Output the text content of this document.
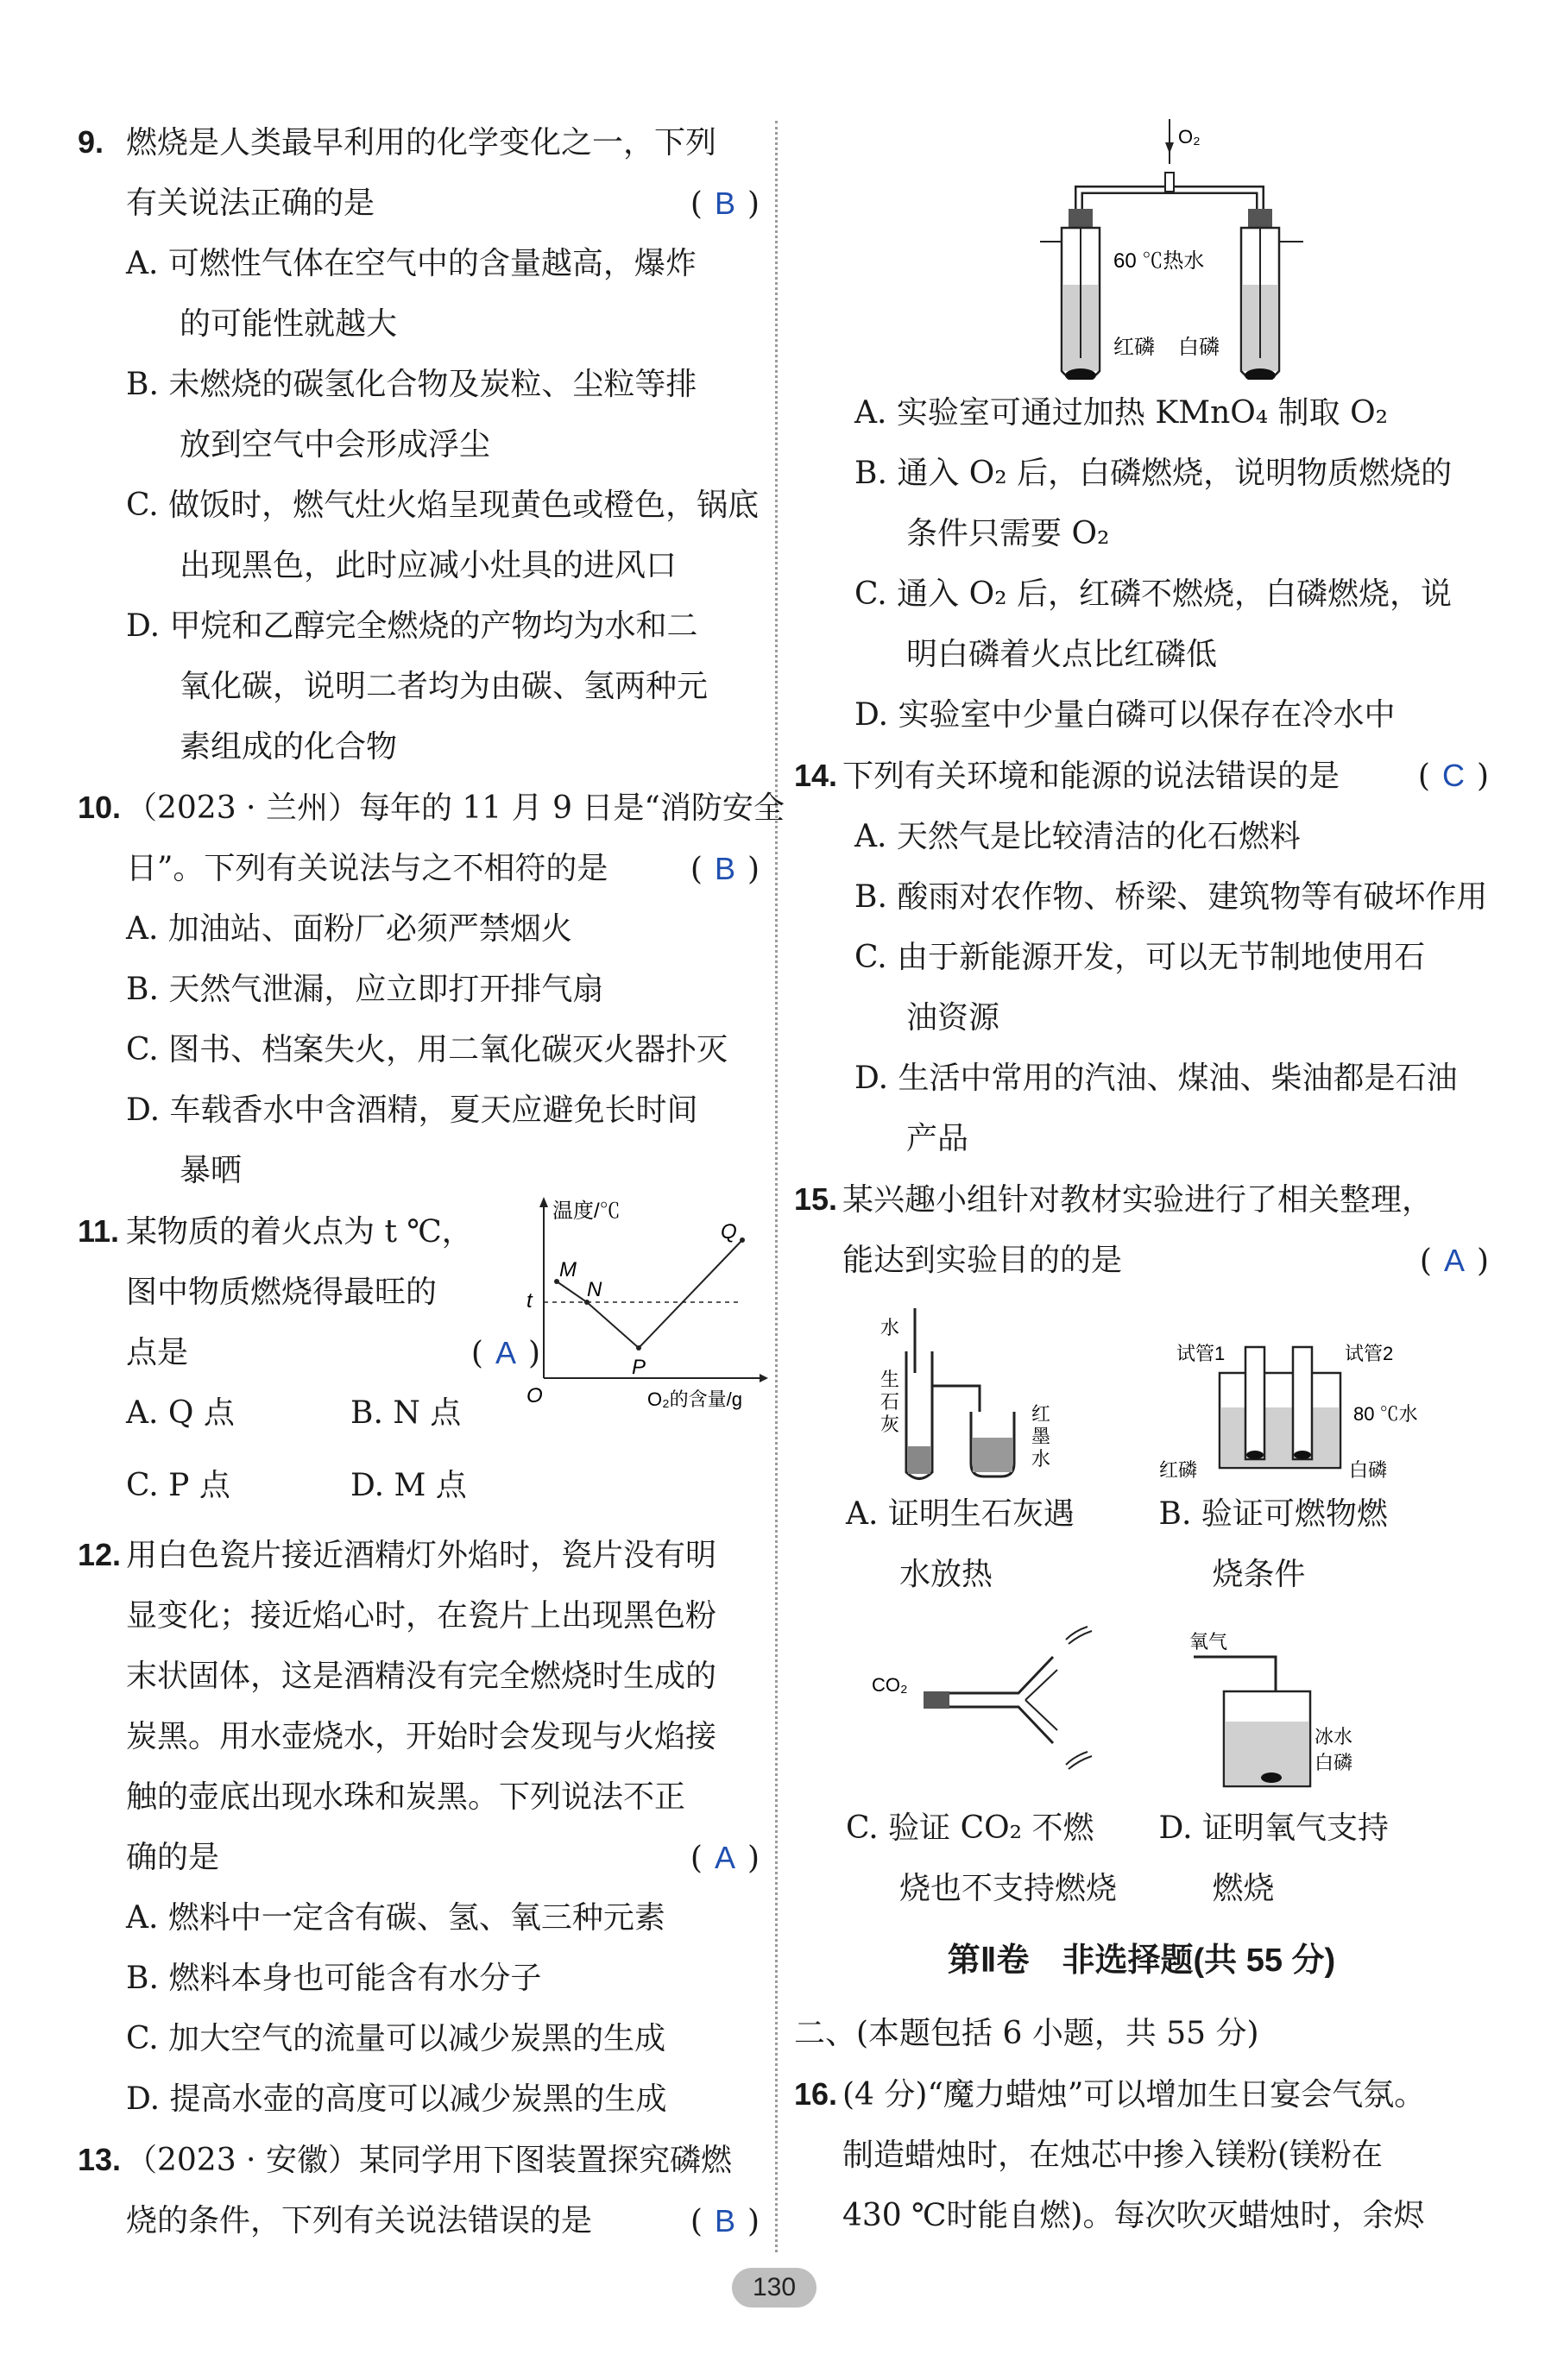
9. 燃烧是人类最早利用的化学变化之一，下列
有关说法正确的是	( B )
A. 可燃性气体在空气中的含量越高，爆炸
的可能性就越大
B. 未燃烧的碳氢化合物及炭粒、尘粒等排
放到空气中会形成浮尘
C. 做饭时，燃气灶火焰呈现黄色或橙色，锅底
出现黑色，此时应减小灶具的进风口
D. 甲烷和乙醇完全燃烧的产物均为水和二
氧化碳，说明二者均为由碳、氢两种元
素组成的化合物
10. （2023 · 兰州）每年的 11 月 9 日是“消防安全
日”。下列有关说法与之不相符的是	( B )
A. 加油站、面粉厂必须严禁烟火
B. 天然气泄漏，应立即打开排气扇
C. 图书、档案失火，用二氧化碳灭火器扑灭
D. 车载香水中含酒精，夏天应避免长时间
暴晒
11. 某物质的着火点为 t ℃，
图中物质燃烧得最旺的
点是	( A )
A. Q 点	B. N 点
C. P 点	D. M 点
温度/℃
O₂的含量/g
O
t
M
N
P
Q
12. 用白色瓷片接近酒精灯外焰时，瓷片没有明
显变化；接近焰心时，在瓷片上出现黑色粉
末状固体，这是酒精没有完全燃烧时生成的
炭黑。用水壶烧水，开始时会发现与火焰接
触的壶底出现水珠和炭黑。下列说法不正
确的是	( A )
A. 燃料中一定含有碳、氢、氧三种元素
B. 燃料本身也可能含有水分子
C. 加大空气的流量可以减少炭黑的生成
D. 提高水壶的高度可以减少炭黑的生成
13. （2023 · 安徽）某同学用下图装置探究磷燃
烧的条件，下列有关说法错误的是	( B )
O₂
60 ℃热水
红磷 白磷
A. 实验室可通过加热 KMnO₄ 制取 O₂
B. 通入 O₂ 后，白磷燃烧，说明物质燃烧的
条件只需要 O₂
C. 通入 O₂ 后，红磷不燃烧，白磷燃烧，说
明白磷着火点比红磷低
D. 实验室中少量白磷可以保存在冷水中
14. 下列有关环境和能源的说法错误的是	( C )
A. 天然气是比较清洁的化石燃料
B. 酸雨对农作物、桥梁、建筑物等有破坏作用
C. 由于新能源开发，可以无节制地使用石
油资源
D. 生活中常用的汽油、煤油、柴油都是石油
产品
15. 某兴趣小组针对教材实验进行了相关整理，
能达到实验目的的是	( A )
水
生
石
灰	红
墨
水
A. 证明生石灰遇
水放热
试管1	试管2
80 ℃水
红磷	白磷
B. 验证可燃物燃
烧条件
CO₂
C. 验证 CO₂ 不燃
烧也不支持燃烧
氧气
冰水
白磷
D. 证明氧气支持
燃烧
第Ⅱ卷　非选择题(共 55 分)
二、(本题包括 6 小题，共 55 分)
16. (4 分)“魔力蜡烛”可以增加生日宴会气氛。
制造蜡烛时，在烛芯中掺入镁粉(镁粉在
430 ℃时能自燃)。每次吹灭蜡烛时，余烬
130
